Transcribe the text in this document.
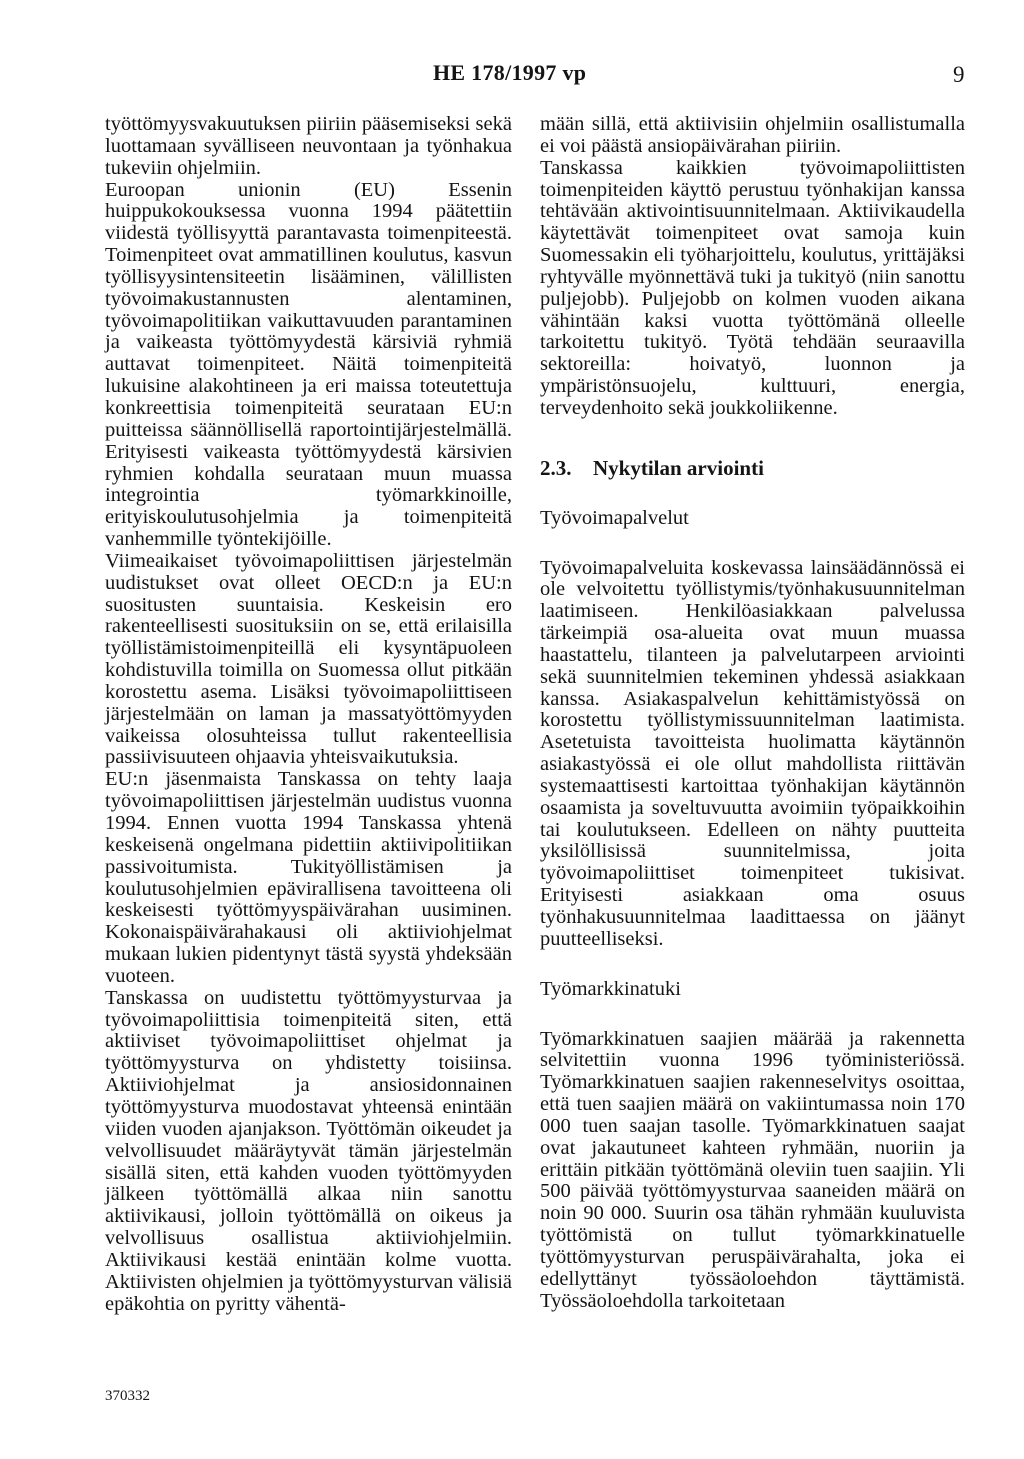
HE 178/1997 vp	9

työttömyysvakuutuksen piiriin pääsemiseksi sekä luottamaan syvälliseen neuvontaan ja työnhakua tukeviin ohjelmiin.

Euroopan unionin (EU) Essenin huippukokouksessa vuonna 1994 päätettiin viidestä työllisyyttä parantavasta toimenpiteestä. Toimenpiteet ovat ammatillinen koulutus, kasvun työllisyysintensiteetin lisääminen, välillisten työvoimakustannusten alentaminen, työvoimapolitiikan vaikuttavuuden parantaminen ja vaikeasta työttömyydestä kärsiviä ryhmiä auttavat toimenpiteet. Näitä toimenpiteitä lukuisine alakohtineen ja eri maissa toteutettuja konkreettisia toimenpiteitä seurataan EU:n puitteissa säännöllisellä raportointijärjestelmällä. Erityisesti vaikeasta työttömyydestä kärsivien ryhmien kohdalla seurataan muun muassa integrointia työmarkkinoille, erityiskoulutusohjelmia ja toimenpiteitä vanhemmille työntekijöille.

Viimeaikaiset työvoimapoliittisen järjestelmän uudistukset ovat olleet OECD:n ja EU:n suositusten suuntaisia. Keskeisin ero rakenteellisesti suosituksiin on se, että erilaisilla työllistämistoimenpiteillä eli kysyntäpuoleen kohdistuvilla toimilla on Suomessa ollut pitkään korostettu asema. Lisäksi työvoimapoliittiseen järjestelmään on laman ja massatyöttömyyden vaikeissa olosuhteissa tullut rakenteellisia passiivisuuteen ohjaavia yhteisvaikutuksia.

EU:n jäsenmaista Tanskassa on tehty laaja työvoimapoliittisen järjestelmän uudistus vuonna 1994. Ennen vuotta 1994 Tanskassa yhtenä keskeisenä ongelmana pidettiin aktiivipolitiikan passivoitumista. Tukityöllistämisen ja koulutusohjelmien epävirallisena tavoitteena oli keskeisesti työttömyyspäivärahan uusiminen. Kokonaispäivärahakausi oli aktiiviohjelmat mukaan lukien pidentynyt tästä syystä yhdeksään vuoteen.

Tanskassa on uudistettu työttömyysturvaa ja työvoimapoliittisia toimenpiteitä siten, että aktiiviset työvoimapoliittiset ohjelmat ja työttömyysturva on yhdistetty toisiinsa. Aktiiviohjelmat ja ansiosidonnainen työttömyysturva muodostavat yhteensä enintään viiden vuoden ajanjakson. Työttömän oikeudet ja velvollisuudet määräytyvät tämän järjestelmän sisällä siten, että kahden vuoden työttömyyden jälkeen työttömällä alkaa niin sanottu aktiivikausi, jolloin työttömällä on oikeus ja velvollisuus osallistua aktiiviohjelmiin. Aktiivikausi kestää enintään kolme vuotta. Aktiivisten ohjelmien ja työttömyysturvan välisiä epäkohtia on pyritty vähentä-

mään sillä, että aktiivisiin ohjelmiin osallistumalla ei voi päästä ansiopäivärahan piiriin.

Tanskassa kaikkien työvoimapoliittisten toimenpiteiden käyttö perustuu työnhakijan kanssa tehtävään aktivointisuunnitelmaan. Aktiivikaudella käytettävät toimenpiteet ovat samoja kuin Suomessakin eli työharjoittelu, koulutus, yrittäjäksi ryhtyvälle myönnettävä tuki ja tukityö (niin sanottu puljejobb). Puljejobb on kolmen vuoden aikana vähintään kaksi vuotta työttömänä olleelle tarkoitettu tukityö. Työtä tehdään seuraavilla sektoreilla: hoivatyö, luonnon ja ympäristönsuojelu, kulttuuri, energia, terveydenhoito sekä joukkoliikenne.

2.3. Nykytilan arviointi
Työvoimapalvelut

Työvoimapalveluita koskevassa lainsäädännössä ei ole velvoitettu työllistymis/työnhakusuunnitelman laatimiseen. Henkilöasiakkaan palvelussa tärkeimpiä osa-alueita ovat muun muassa haastattelu, tilanteen ja palvelutarpeen arviointi sekä suunnitelmien tekeminen yhdessä asiakkaan kanssa. Asiakaspalvelun kehittämistyössä on korostettu työllistymissuunnitelman laatimista. Asetetuista tavoitteista huolimatta käytännön asiakastyössä ei ole ollut mahdollista riittävän systemaattisesti kartoittaa työnhakijan käytännön osaamista ja soveltuvuutta avoimiin työpaikkoihin tai koulutukseen. Edelleen on nähty puutteita yksilöllisissä suunnitelmissa, joita työvoimapoliittiset toimenpiteet tukisivat. Erityisesti asiakkaan oma osuus työnhakusuunnitelmaa laadittaessa on jäänyt puutteelliseksi.

Työmarkkinatuki

Työmarkkinatuen saajien määrää ja rakennetta selvitettiin vuonna 1996 työministeriössä. Työmarkkinatuen saajien rakenneselvitys osoittaa, että tuen saajien määrä on vakiintumassa noin 170 000 tuen saajan tasolle. Työmarkkinatuen saajat ovat jakautuneet kahteen ryhmään, nuoriin ja erittäin pitkään työttömänä oleviin tuen saajiin. Yli 500 päivää työttömyysturvaa saaneiden määrä on noin 90 000. Suurin osa tähän ryhmään kuuluvista työttömistä on tullut työmarkkinatuelle työttömyysturvan peruspäivärahalta, joka ei edellyttänyt työssäoloehdon täyttämistä. Työssäoloehdolla tarkoitetaan

370332
